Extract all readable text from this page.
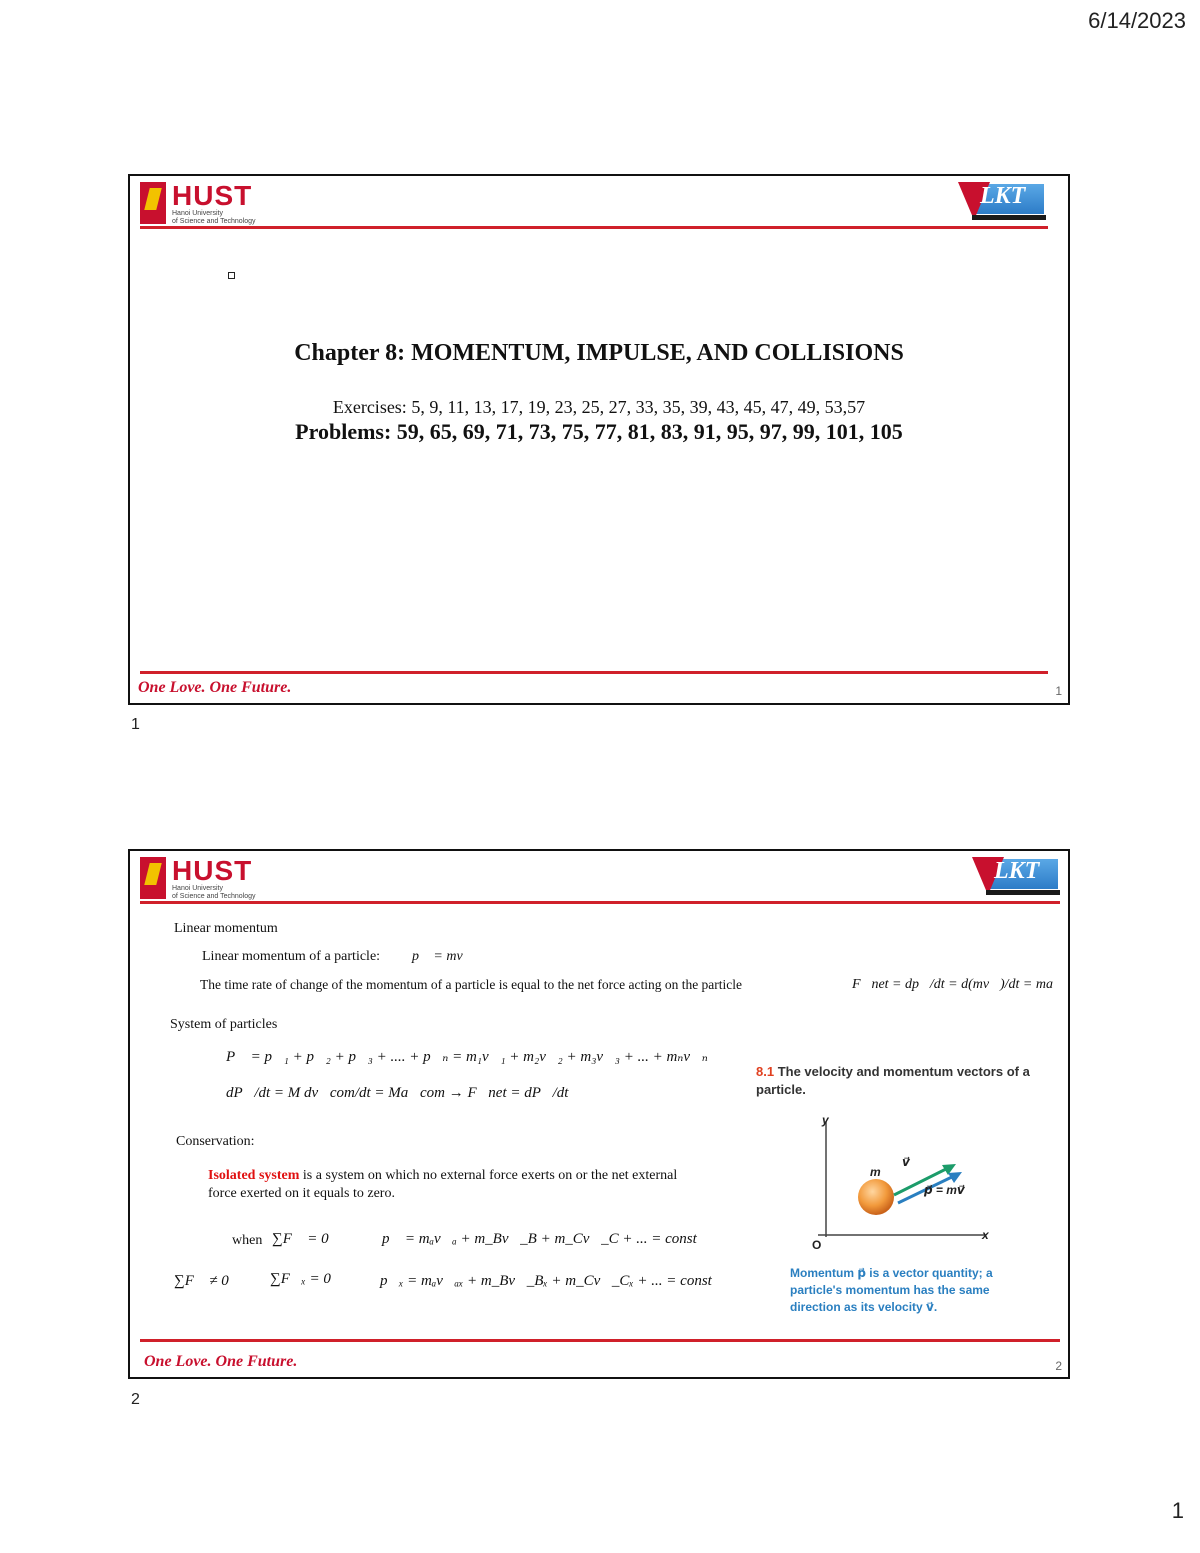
6/14/2023
HUST
Hanoi University
of Science and Technology
LKT
Chapter 8: MOMENTUM, IMPULSE, AND COLLISIONS
Exercises: 5, 9, 11, 13, 17, 19, 23, 25, 27, 33, 35, 39, 43, 45, 47, 49, 53,57
Problems: 59, 65, 69, 71, 73, 75, 77, 81, 83, 91, 95, 97, 99, 101, 105
One Love. One Future.	1
1
HUST
Hanoi University
of Science and Technology
LKT
Linear momentum
Linear momentum of a particle: p⃗ = mv⃗
The time rate of change of the momentum of a particle is equal to the net force acting on the particle	F⃗net = dp⃗/dt = d(mv⃗)/dt = ma⃗
System of particles
P⃗ = p⃗₁ + p⃗₂ + p⃗₃ + .... + p⃗ₙ = m₁v⃗₁ + m₂v⃗₂ + m₃v⃗₃ + ... + mₙv⃗ₙ
dP⃗/dt = M dv⃗com/dt = Ma⃗com → F⃗net = dP⃗/dt
Conservation:
Isolated system is a system on which no external force exerts on or the net external
force exerted on it equals to zero.
when ∑F⃗ = 0⃗	p⃗ = mₐv⃗ₐ + m_Bv⃗_B + m_Cv⃗_C + ... = const
∑F⃗ ≠ 0⃗ ∑F⃗ₓ = 0⃗ p⃗ₓ = mₐv⃗ₐₓ + m_Bv⃗_Bₓ + m_Cv⃗_Cₓ + ... = const
8.1 The velocity and momentum vectors of a particle.
y
x
O
m
v⃗
p⃗ = mv⃗
Momentum p⃗ is a vector quantity; a particle's momentum has the same direction as its velocity v⃗.
One Love. One Future.	2
2
1
